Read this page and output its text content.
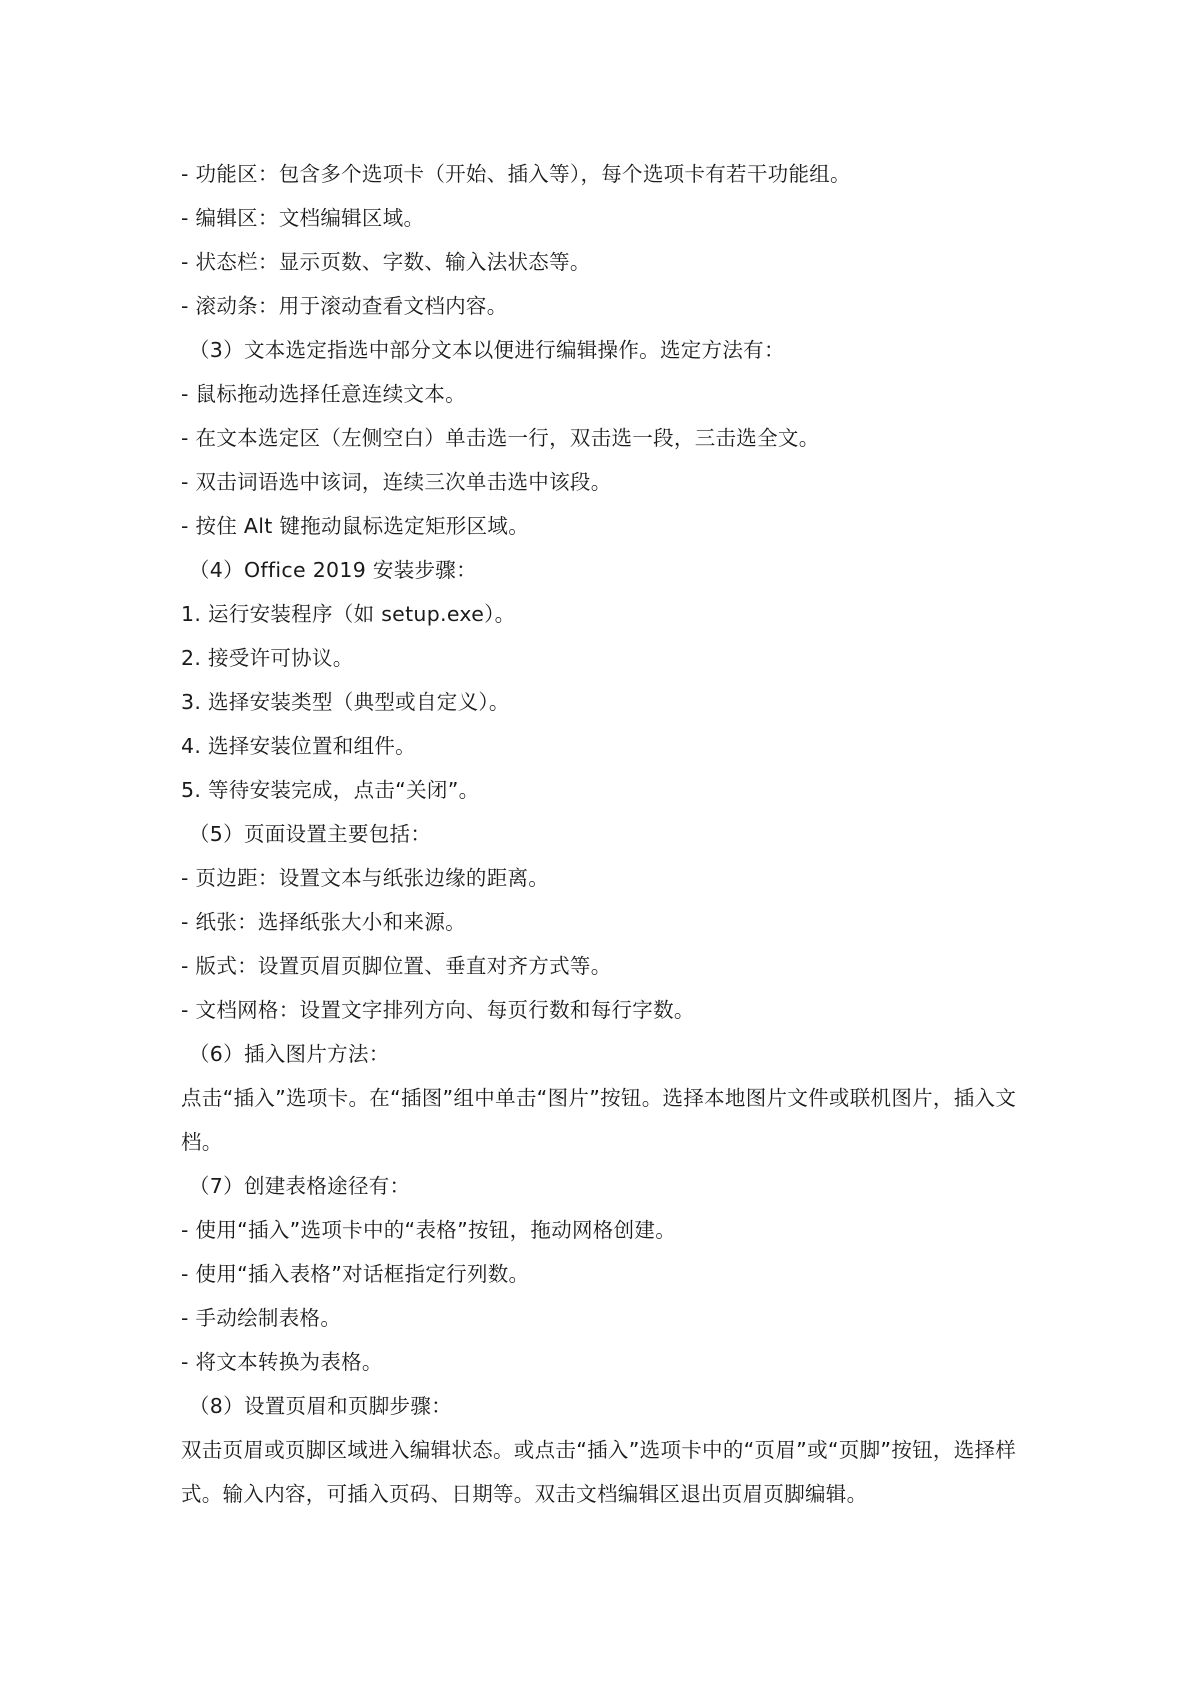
- 功能区：包含多个选项卡（开始、插入等），每个选项卡有若干功能组。
- 编辑区：文档编辑区域。
- 状态栏：显示页数、字数、输入法状态等。
- 滚动条：用于滚动查看文档内容。
（3）文本选定指选中部分文本以便进行编辑操作。选定方法有：
- 鼠标拖动选择任意连续文本。
- 在文本选定区（左侧空白）单击选一行，双击选一段，三击选全文。
- 双击词语选中该词，连续三次单击选中该段。
- 按住 Alt 键拖动鼠标选定矩形区域。
（4）Office 2019 安装步骤：
1. 运行安装程序（如 setup.exe）。
2. 接受许可协议。
3. 选择安装类型（典型或自定义）。
4. 选择安装位置和组件。
5. 等待安装完成，点击“关闭”。
（5）页面设置主要包括：
- 页边距：设置文本与纸张边缘的距离。
- 纸张：选择纸张大小和来源。
- 版式：设置页眉页脚位置、垂直对齐方式等。
- 文档网格：设置文字排列方向、每页行数和每行字数。
（6）插入图片方法：
点击“插入”选项卡。在“插图”组中单击“图片”按钮。选择本地图片文件或联机图片，插入文档。
（7）创建表格途径有：
- 使用“插入”选项卡中的“表格”按钮，拖动网格创建。
- 使用“插入表格”对话框指定行列数。
- 手动绘制表格。
- 将文本转换为表格。
（8）设置页眉和页脚步骤：
双击页眉或页脚区域进入编辑状态。或点击“插入”选项卡中的“页眉”或“页脚”按钮，选择样式。输入内容，可插入页码、日期等。双击文档编辑区退出页眉页脚编辑。
